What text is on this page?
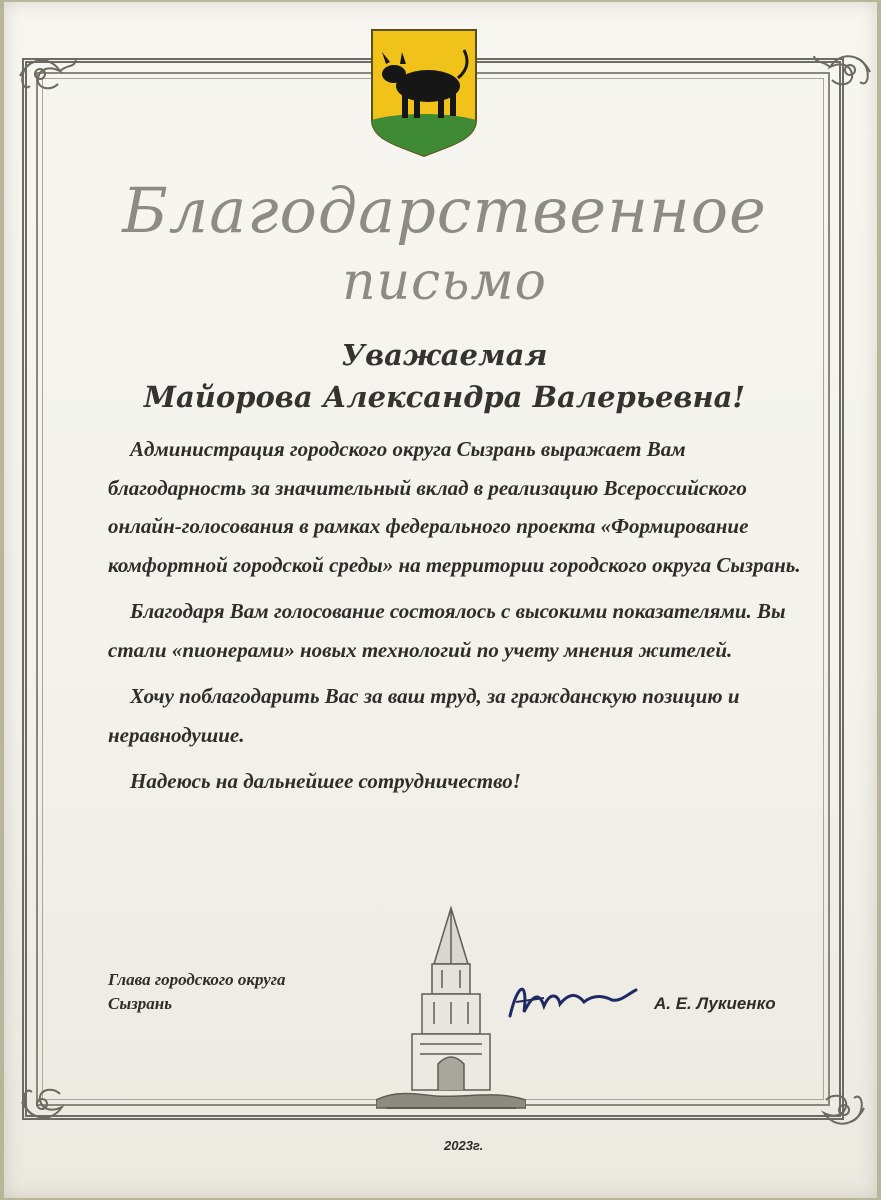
Благодарственное
письмо
Уважаемая
Майорова Александра Валерьевна!

Администрация городского округа Сызрань выражает Вам благодарность за значительный вклад в реализацию Всероссийского онлайн-голосования в рамках федерального проекта «Формирование комфортной городской среды» на территории городского округа Сызрань.

Благодаря Вам голосование состоялось с высокими показателями. Вы стали «пионерами» новых технологий по учету мнения жителей.

Хочу поблагодарить Вас за ваш труд, за гражданскую позицию и неравнодушие.

Надеюсь на дальнейшее сотрудничество!

Глава городского округа
Сызрань	А. Е. Лукиенко
2023г.
